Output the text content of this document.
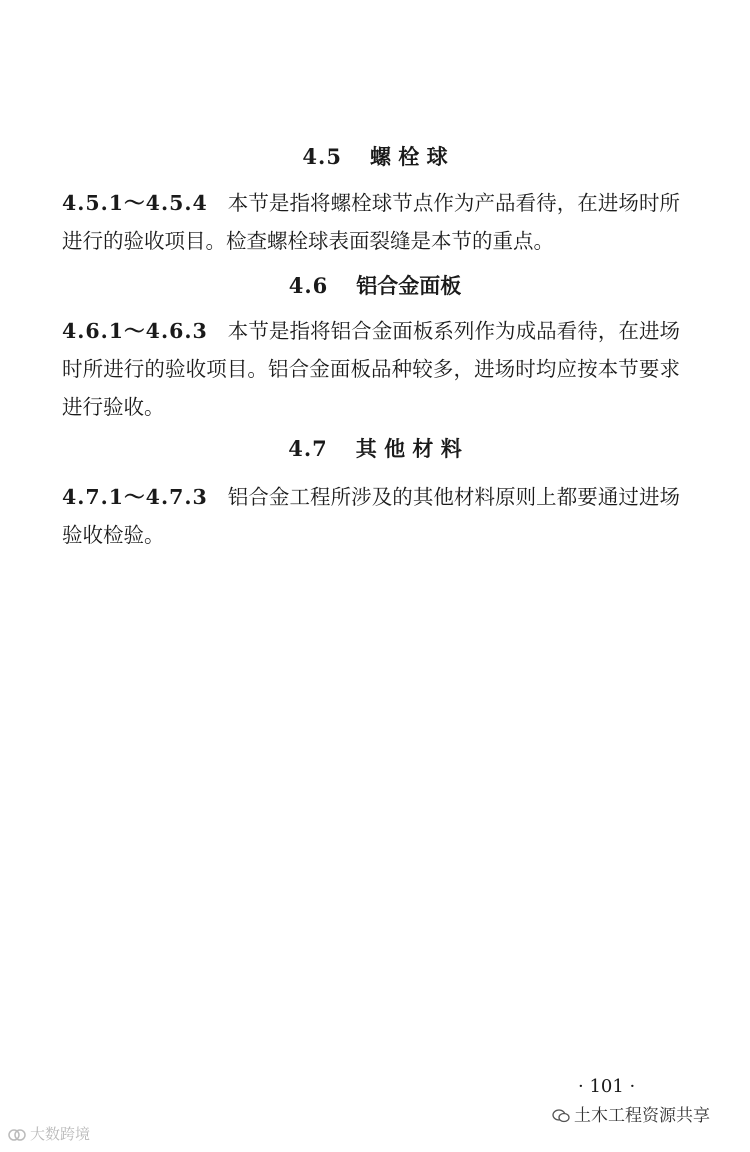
4.5 螺 栓 球
4.5.1～4.5.4 本节是指将螺栓球节点作为产品看待，在进场时所进行的验收项目。检查螺栓球表面裂缝是本节的重点。
4.6 铝合金面板
4.6.1～4.6.3 本节是指将铝合金面板系列作为成品看待，在进场时所进行的验收项目。铝合金面板品种较多，进场时均应按本节要求进行验收。
4.7 其 他 材 料
4.7.1～4.7.3 铝合金工程所涉及的其他材料原则上都要通过进场验收检验。
· 101 ·
土木工程资源共享
大数跨境
